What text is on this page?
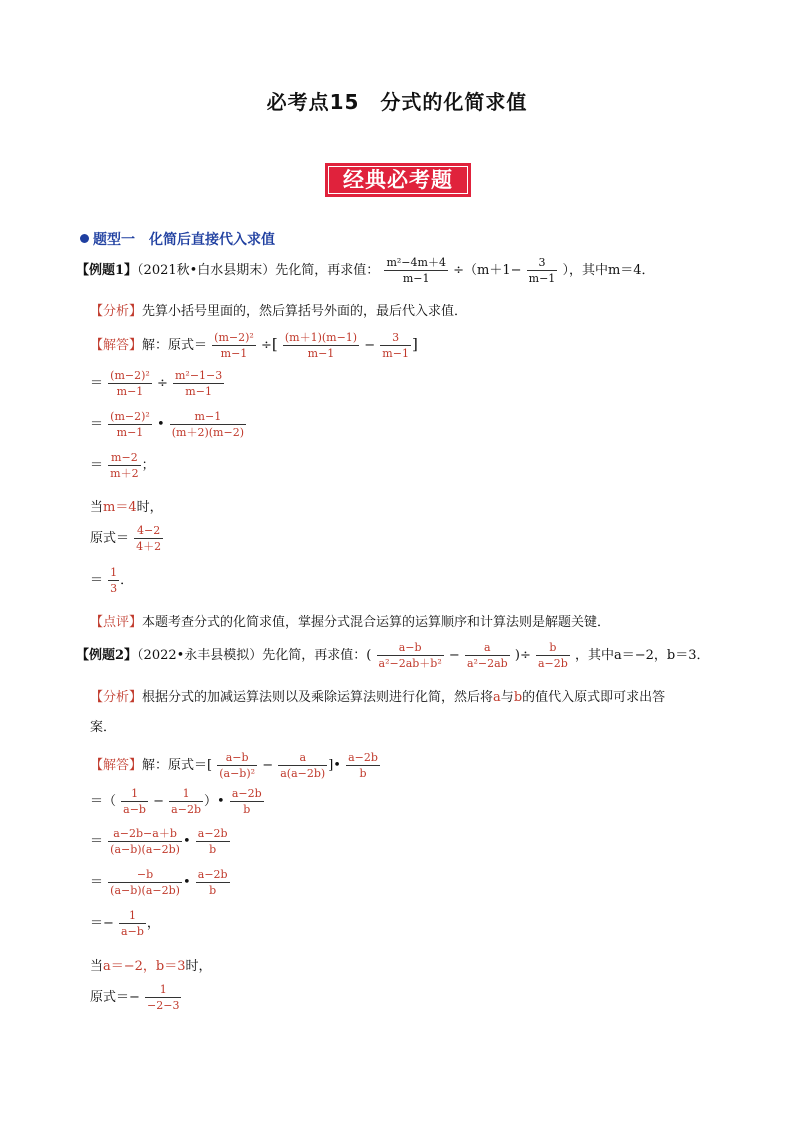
必考点15　分式的化简求值
经典必考题
题型一　化简后直接代入求值
【例题1】（2021秋•白水县期末）先化简，再求值： $\frac{\text{m²−4m＋4}}{m-1} \div(m+1- \frac{3}{m-1}$ ），其中m＝4．
【分析】先算小括号里面的，然后算括号外面的，最后代入求值．
【解答】解：原式＝ $\frac{\text{(m−2)²}}{m-1}$ ÷[ $\frac{(m+1)(m-1)}{m-1} - \frac{3}{m-1}$ ]
＝ $\frac{\text{(m−2)²}}{m-1} \div \frac{\text{m²−1−3}}{m-1}$
＝ $\frac{\text{(m−2)²}}{m-1}$ • $\frac{m-1}{(m+2)(m-2)}$
＝ $\frac{m-2}{m+2}$ ；
当m＝4时，
原式＝ $\frac{4-2}{4+2}$
＝ $\frac{1}{3}$ ．
【点评】本题考查分式的化简求值，掌握分式混合运算的运算顺序和计算法则是解题关键．
【例题2】（2022•永丰县模拟）先化简，再求值：( $\frac{a-b}{\text{a²−2ab＋b²}} - \frac{a}{\text{a²−2ab}}$ )÷ $\frac{b}{a-2b}$ ，其中a＝−2，b＝3．
【分析】根据分式的加减运算法则以及乘除运算法则进行化简，然后将a与b的值代入原式即可求出答
案．
【解答】解：原式＝[ $\frac{a-b}{\text{(a−b)²}} - \frac{a}{a(a-2b)}$ ]• $\frac{a-2b}{b}$
＝（ $\frac{1}{a-b} - \frac{1}{a-2b}$ ）• $\frac{a-2b}{b}$
＝ $\frac{a-2b-a+b}{(a-b)(a-2b)}$ • $\frac{a-2b}{b}$
＝ $\frac{-b}{(a-b)(a-2b)}$ • $\frac{a-2b}{b}$
＝− $\frac{1}{a-b}$ ，
当a＝−2，b＝3时，
原式＝− $\frac{1}{-2-3}$
